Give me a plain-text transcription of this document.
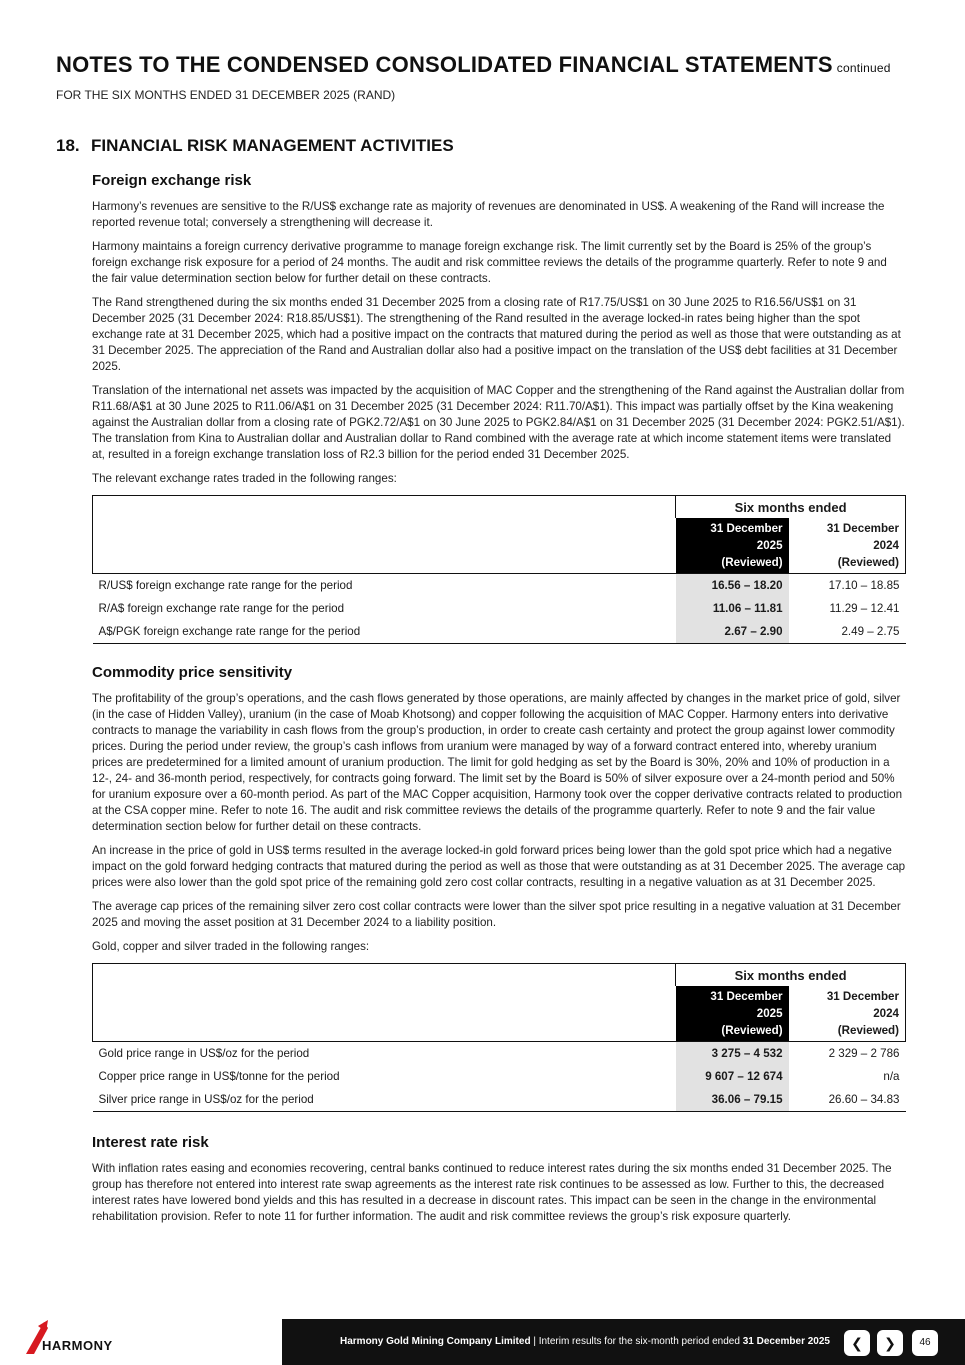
NOTES TO THE CONDENSED CONSOLIDATED FINANCIAL STATEMENTS continued
FOR THE SIX MONTHS ENDED 31 DECEMBER 2025 (RAND)
18. FINANCIAL RISK MANAGEMENT ACTIVITIES
Foreign exchange risk

Harmony’s revenues are sensitive to the R/US$ exchange rate as majority of revenues are denominated in US$. A weakening of the Rand will increase the reported revenue total; conversely a strengthening will decrease it.

Harmony maintains a foreign currency derivative programme to manage foreign exchange risk. The limit currently set by the Board is 25% of the group’s foreign exchange risk exposure for a period of 24 months. The audit and risk committee reviews the details of the programme quarterly. Refer to note 9 and the fair value determination section below for further detail on these contracts.

The Rand strengthened during the six months ended 31 December 2025 from a closing rate of R17.75/US$1 on 30 June 2025 to R16.56/US$1 on 31 December 2025 (31 December 2024: R18.85/US$1). The strengthening of the Rand resulted in the average locked-in rates being higher than the spot exchange rate at 31 December 2025, which had a positive impact on the contracts that matured during the period as well as those that were outstanding as at 31 December 2025. The appreciation of the Rand and Australian dollar also had a positive impact on the translation of the US$ debt facilities at 31 December 2025.

Translation of the international net assets was impacted by the acquisition of MAC Copper and the strengthening of the Rand against the Australian dollar from R11.68/A$1 at 30 June 2025 to R11.06/A$1 on 31 December 2025 (31 December 2024: R11.70/A$1). This impact was partially offset by the Kina weakening against the Australian dollar from a closing rate of PGK2.72/A$1 on 30 June 2025 to PGK2.84/A$1 on 31 December 2025 (31 December 2024: PGK2.51/A$1). The translation from Kina to Australian dollar and Australian dollar to Rand combined with the average rate at which income statement items were translated at, resulted in a foreign exchange translation loss of R2.3 billion for the period ended 31 December 2025.

The relevant exchange rates traded in the following ranges:

	Six months ended	
	31 December
2025
(Reviewed)	31 December
2024
(Reviewed)
R/US$ foreign exchange rate range for the period	16.56 – 18.20	17.10 – 18.85
R/A$ foreign exchange rate range for the period	11.06 – 11.81	11.29 – 12.41
A$/PGK foreign exchange rate range for the period	2.67 – 2.90	2.49 – 2.75
Commodity price sensitivity

The profitability of the group’s operations, and the cash flows generated by those operations, are mainly affected by changes in the market price of gold, silver (in the case of Hidden Valley), uranium (in the case of Moab Khotsong) and copper following the acquisition of MAC Copper. Harmony enters into derivative contracts to manage the variability in cash flows from the group’s production, in order to create cash certainty and protect the group against lower commodity prices. During the period under review, the group’s cash inflows from uranium were managed by way of a forward contract entered into, whereby uranium prices are predetermined for a limited amount of uranium production. The limit for gold hedging as set by the Board is 30%, 20% and 10% of production in a 12-, 24- and 36-month period, respectively, for contracts going forward. The limit set by the Board is 50% of silver exposure over a 24-month period and 50% for uranium exposure over a 60-month period. As part of the MAC Copper acquisition, Harmony took over the copper derivative contracts related to production at the CSA copper mine. Refer to note 16. The audit and risk committee reviews the details of the programme quarterly. Refer to note 9 and the fair value determination section below for further detail on these contracts.

An increase in the price of gold in US$ terms resulted in the average locked-in gold forward prices being lower than the gold spot price which had a negative impact on the gold forward hedging contracts that matured during the period as well as those that were outstanding as at 31 December 2025. The average cap prices were also lower than the gold spot price of the remaining gold zero cost collar contracts, resulting in a negative valuation as at 31 December 2025.

The average cap prices of the remaining silver zero cost collar contracts were lower than the silver spot price resulting in a negative valuation at 31 December 2025 and moving the asset position at 31 December 2024 to a liability position.

Gold, copper and silver traded in the following ranges:

	Six months ended	
	31 December
2025
(Reviewed)	31 December
2024
(Reviewed)
Gold price range in US$/oz for the period	3 275 – 4 532	2 329 – 2 786
Copper price range in US$/tonne for the period	9 607 – 12 674	n/a
Silver price range in US$/oz for the period	36.06 – 79.15	26.60 – 34.83
Interest rate risk

With inflation rates easing and economies recovering, central banks continued to reduce interest rates during the six months ended 31 December 2025. The group has therefore not entered into interest rate swap agreements as the interest rate risk continues to be assessed as low. Further to this, the decreased interest rates have lowered bond yields and this has resulted in a decrease in discount rates. This impact can be seen in the change in the environmental rehabilitation provision. Refer to note 11 for further information. The audit and risk committee reviews the group’s risk exposure quarterly.

HARMONY	Harmony Gold Mining Company Limited | Interim results for the six-month period ended 31 December 2025	❮	❯	46
